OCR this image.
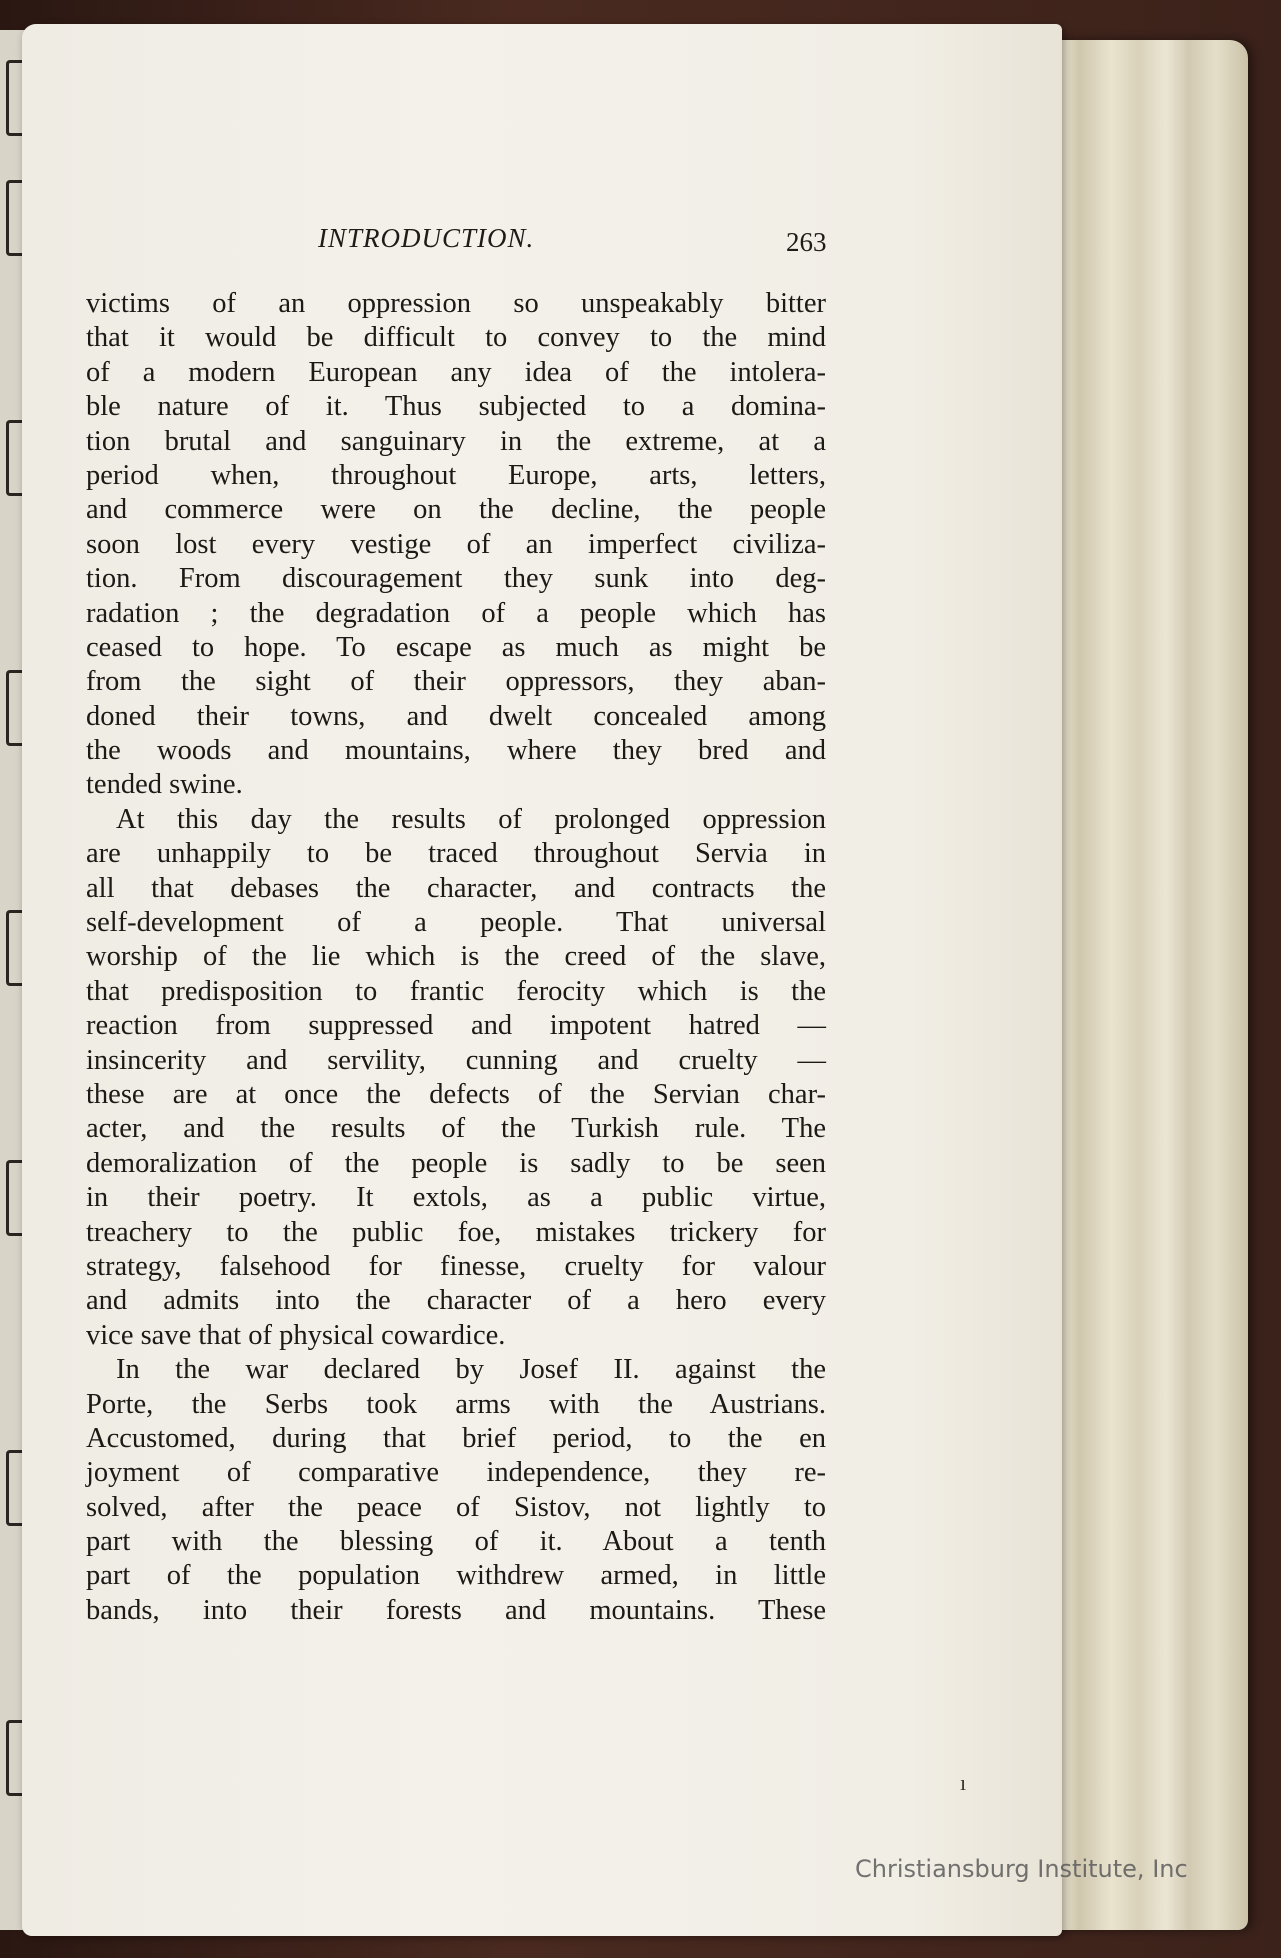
INTRODUCTION.	263
victims of an oppression so unspeakably bitter
that it would be difficult to convey to the mind
of a modern European any idea of the intolera-
ble nature of it. Thus subjected to a domina-
tion brutal and sanguinary in the extreme, at a
period when, throughout Europe, arts, letters,
and commerce were on the decline, the people
soon lost every vestige of an imperfect civiliza-
tion. From discouragement they sunk into deg-
radation ; the degradation of a people which has
ceased to hope. To escape as much as might be
from the sight of their oppressors, they aban-
doned their towns, and dwelt concealed among
the woods and mountains, where they bred and
tended swine.
At this day the results of prolonged oppression
are unhappily to be traced throughout Servia in
all that debases the character, and contracts the
self-development of a people. That universal
worship of the lie which is the creed of the slave,
that predisposition to frantic ferocity which is the
reaction from suppressed and impotent hatred —
insincerity and servility, cunning and cruelty —
these are at once the defects of the Servian char-
acter, and the results of the Turkish rule. The
demoralization of the people is sadly to be seen
in their poetry. It extols, as a public virtue,
treachery to the public foe, mistakes trickery for
strategy, falsehood for finesse, cruelty for valour
and admits into the character of a hero every
vice save that of physical cowardice.
In the war declared by Josef II. against the
Porte, the Serbs took arms with the Austrians.
Accustomed, during that brief period, to the en
joyment of comparative independence, they re-
solved, after the peace of Sistov, not lightly to
part with the blessing of it. About a tenth
part of the population withdrew armed, in little
bands, into their forests and mountains. These
ı
Christiansburg Institute, Inc
